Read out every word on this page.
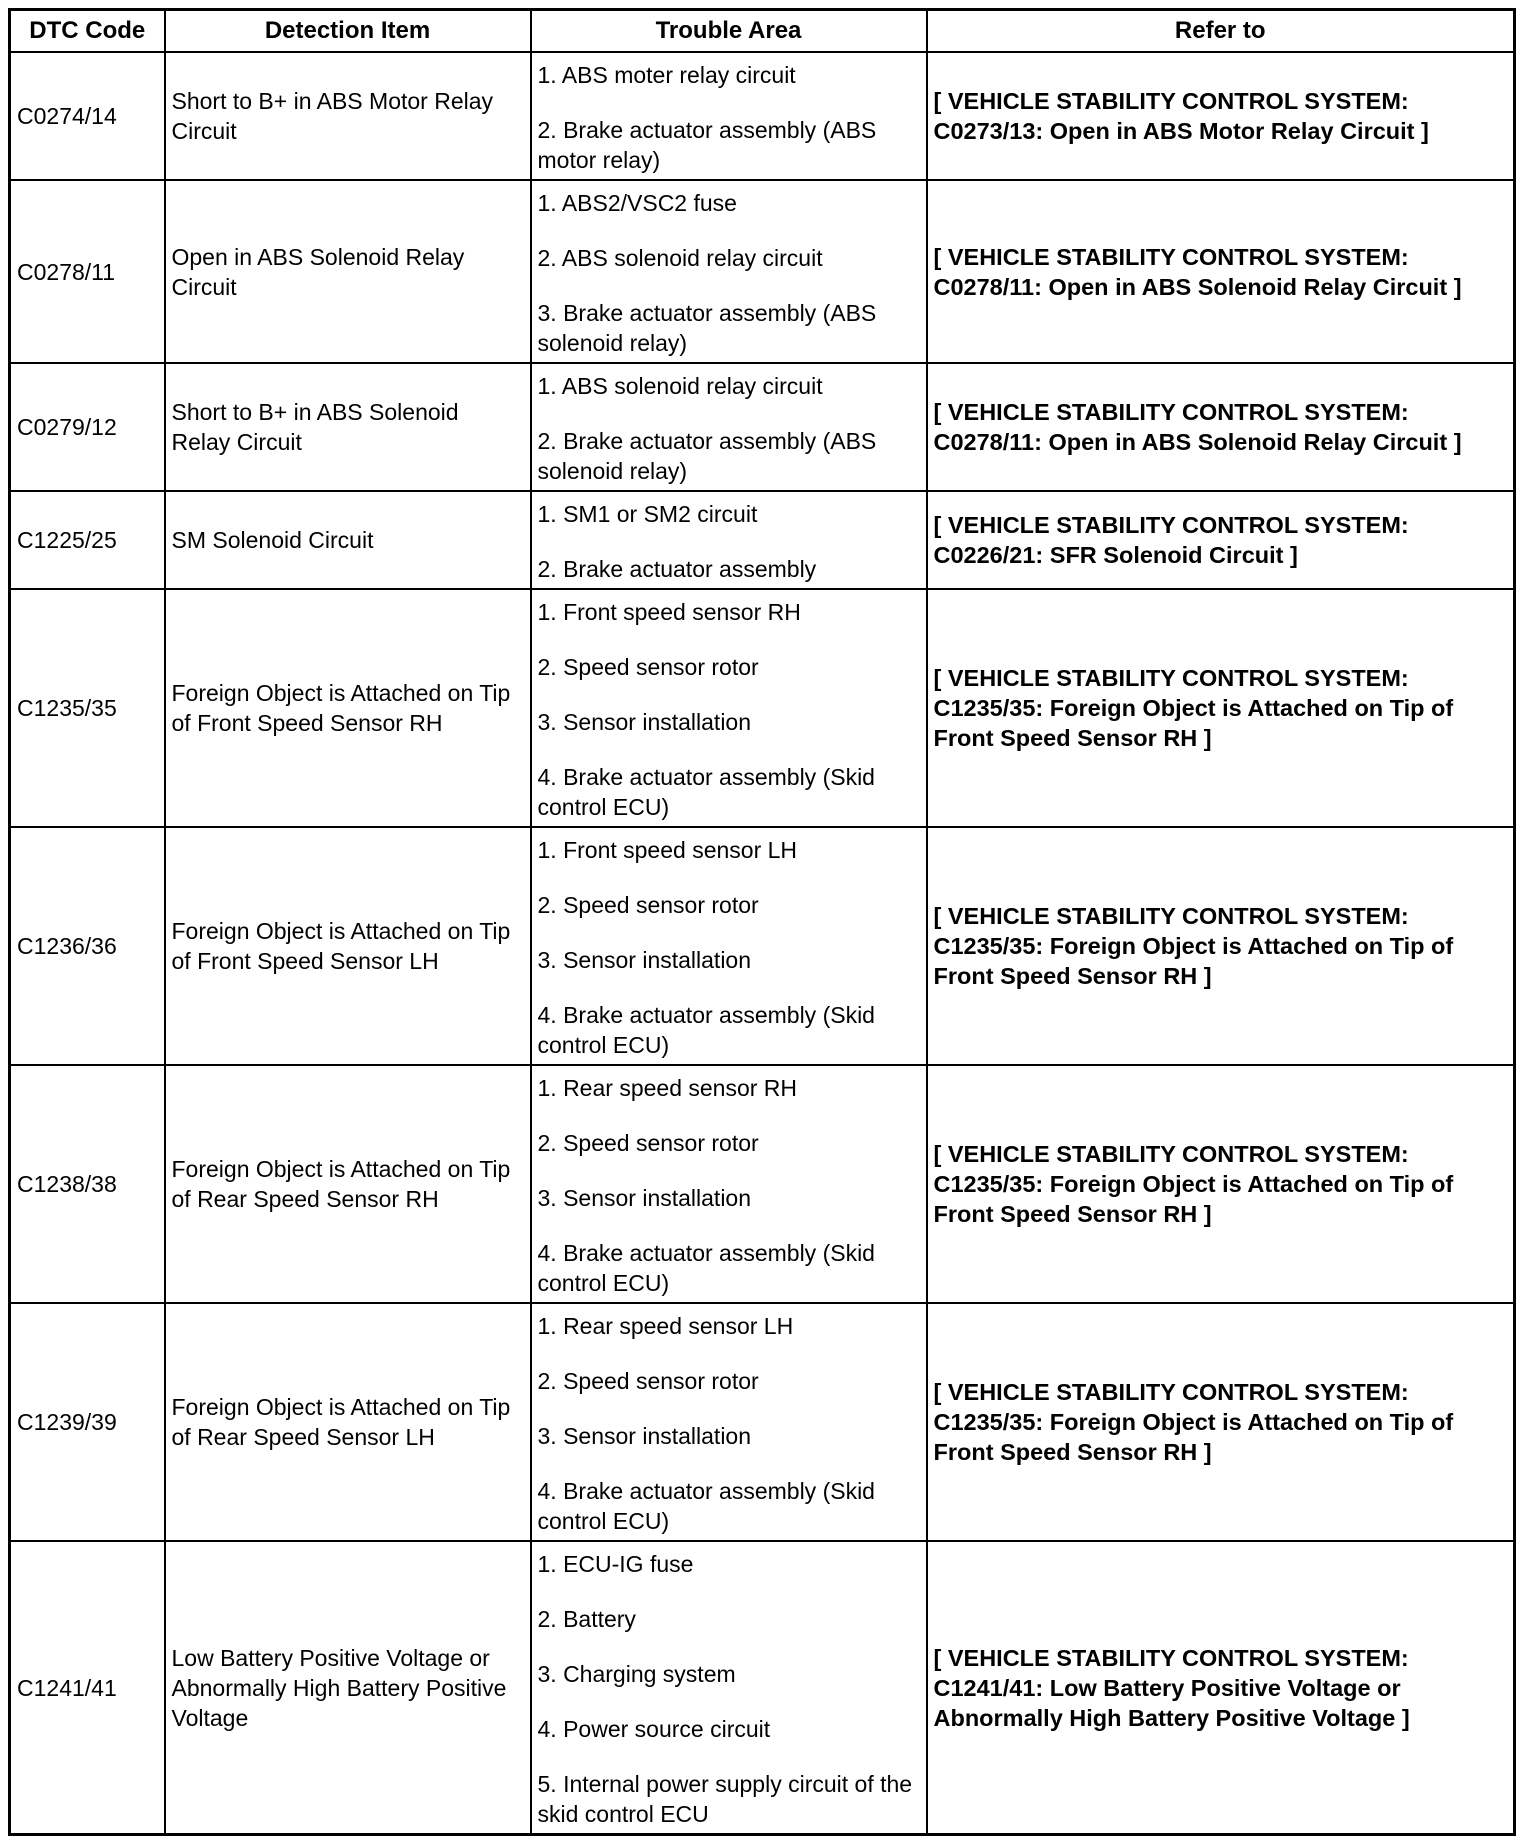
DTC Code	Detection Item	Trouble Area	Refer to
C0274/14	Short to B+ in ABS Motor Relay Circuit	1. ABS moter relay circuit
2. Brake actuator assembly (ABS motor relay)	[ VEHICLE STABILITY CONTROL SYSTEM: C0273/13: Open in ABS Motor Relay Circuit ]
C0278/11	Open in ABS Solenoid Relay Circuit	1. ABS2/VSC2 fuse
2. ABS solenoid relay circuit
3. Brake actuator assembly (ABS solenoid relay)	[ VEHICLE STABILITY CONTROL SYSTEM: C0278/11: Open in ABS Solenoid Relay Circuit ]
C0279/12	Short to B+ in ABS Solenoid Relay Circuit	1. ABS solenoid relay circuit
2. Brake actuator assembly (ABS solenoid relay)	[ VEHICLE STABILITY CONTROL SYSTEM: C0278/11: Open in ABS Solenoid Relay Circuit ]
C1225/25	SM Solenoid Circuit	1. SM1 or SM2 circuit
2. Brake actuator assembly	[ VEHICLE STABILITY CONTROL SYSTEM: C0226/21: SFR Solenoid Circuit ]
C1235/35	Foreign Object is Attached on Tip of Front Speed Sensor RH	1. Front speed sensor RH
2. Speed sensor rotor
3. Sensor installation
4. Brake actuator assembly (Skid control ECU)	[ VEHICLE STABILITY CONTROL SYSTEM: C1235/35: Foreign Object is Attached on Tip of Front Speed Sensor RH ]
C1236/36	Foreign Object is Attached on Tip of Front Speed Sensor LH	1. Front speed sensor LH
2. Speed sensor rotor
3. Sensor installation
4. Brake actuator assembly (Skid control ECU)	[ VEHICLE STABILITY CONTROL SYSTEM: C1235/35: Foreign Object is Attached on Tip of Front Speed Sensor RH ]
C1238/38	Foreign Object is Attached on Tip of Rear Speed Sensor RH	1. Rear speed sensor RH
2. Speed sensor rotor
3. Sensor installation
4. Brake actuator assembly (Skid control ECU)	[ VEHICLE STABILITY CONTROL SYSTEM: C1235/35: Foreign Object is Attached on Tip of Front Speed Sensor RH ]
C1239/39	Foreign Object is Attached on Tip of Rear Speed Sensor LH	1. Rear speed sensor LH
2. Speed sensor rotor
3. Sensor installation
4. Brake actuator assembly (Skid control ECU)	[ VEHICLE STABILITY CONTROL SYSTEM: C1235/35: Foreign Object is Attached on Tip of Front Speed Sensor RH ]
C1241/41	Low Battery Positive Voltage or Abnormally High Battery Positive Voltage	1. ECU-IG fuse
2. Battery
3. Charging system
4. Power source circuit
5. Internal power supply circuit of the skid control ECU	[ VEHICLE STABILITY CONTROL SYSTEM: C1241/41: Low Battery Positive Voltage or Abnormally High Battery Positive Voltage ]
